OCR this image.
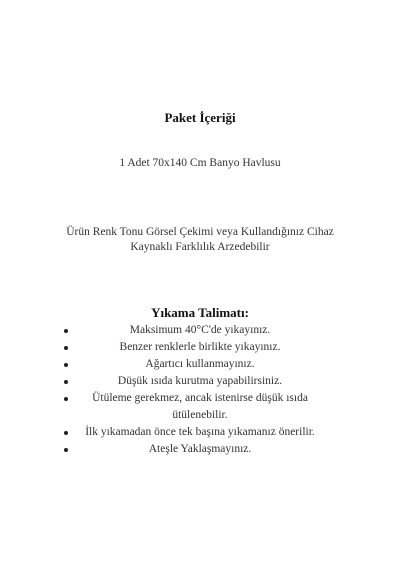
Paket İçeriği
1 Adet 70x140 Cm Banyo Havlusu
Ürün Renk Tonu Görsel Çekimi veya Kullandığınız Cihaz
Kaynaklı Farklılık Arzedebilir
Yıkama Talimatı:
Maksimum 40°C'de yıkayınız.
Benzer renklerle birlikte yıkayınız.
Ağartıcı kullanmayınız.
Düşük ısıda kurutma yapabilirsiniz.
Ütüleme gerekmez, ancak istenirse düşük ısıda ütülenebilir.
İlk yıkamadan önce tek başına yıkamanız önerilir.
Ateşle Yaklaşmayınız.
